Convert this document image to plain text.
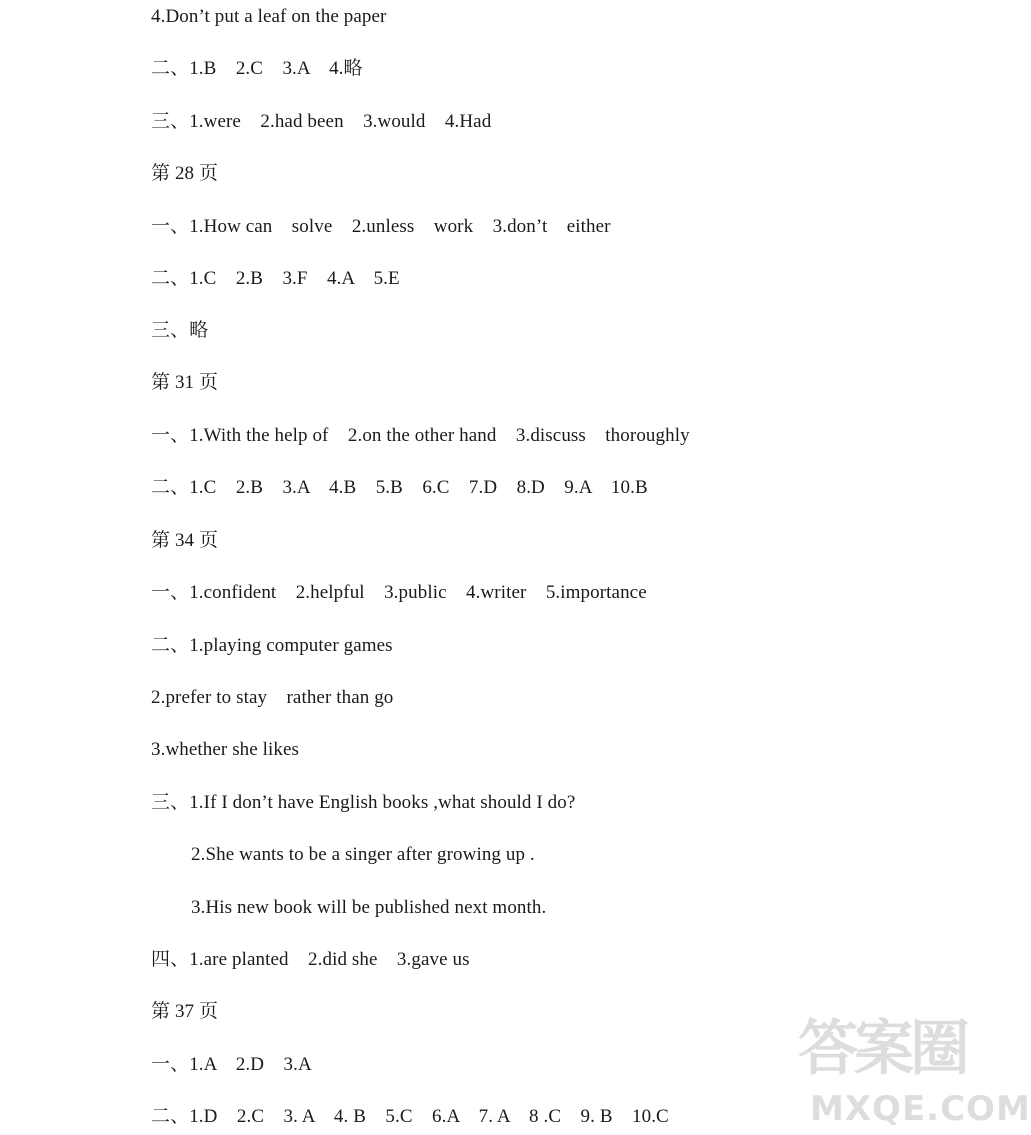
4.Don’t put a leaf on the paper
二、1.B    2.C    3.A    4.略
三、1.were    2.had been    3.would    4.Had
第 28 页
一、1.How can    solve    2.unless    work    3.don’t    either
二、1.C    2.B    3.F    4.A    5.E
三、略
第 31 页
一、1.With the help of    2.on the other hand    3.discuss    thoroughly
二、1.C    2.B    3.A    4.B    5.B    6.C    7.D    8.D    9.A    10.B
第 34 页
一、1.confident    2.helpful    3.public    4.writer    5.importance
二、1.playing computer games
2.prefer to stay    rather than go
3.whether she likes
三、1.If I don’t have English books ,what should I do?
2.She wants to be a singer after growing up .
3.His new book will be published next month.
四、1.are planted    2.did she    3.gave us
第 37 页
一、1.A    2.D    3.A
二、1.D    2.C    3. A    4. B    5.C    6.A    7. A    8 .C    9. B    10.C
答案圈
MXQE.COM
